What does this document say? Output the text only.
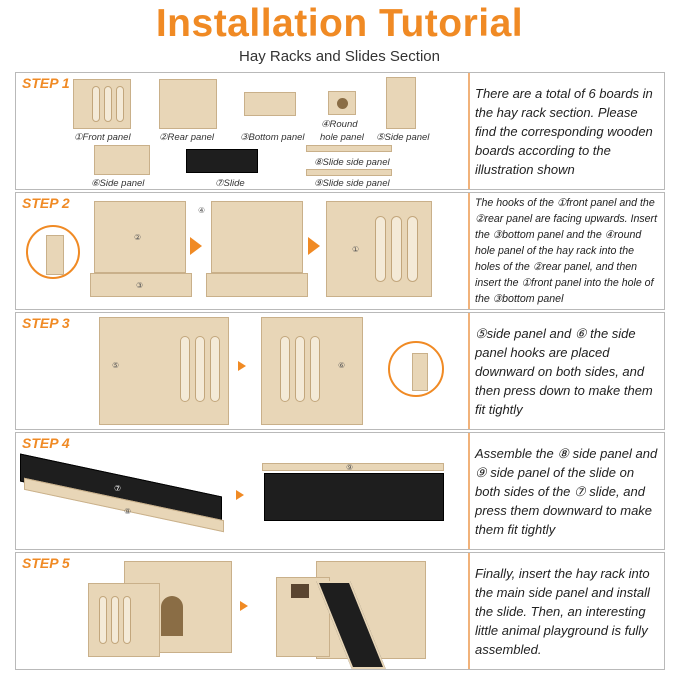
Installation Tutorial
Hay Racks and Slides Section
STEP 1
①Front panel	②Rear panel	③Bottom panel
④Round
hole panel ⑤Side panel
⑥Side panel	⑦Slide
⑧Slide side panel
⑨Slide side panel
There are a total of 6 boards in the hay rack section. Please find the corresponding wooden boards according to the illustration shown
STEP 2
②
③
④
①
The hooks of the ①front panel and the ②rear panel are facing upwards. Insert the ③bottom panel and the ④round hole panel of the hay rack into the holes of the ②rear panel, and then insert the ①front panel into the hole of the ③bottom panel
STEP 3
⑤	⑥
⑤side panel and ⑥ the side panel hooks are placed downward on both sides, and then press down to make them fit tightly
STEP 4
⑦
⑧
⑨
Assemble the ⑧ side panel and ⑨ side panel of the slide on both sides of the ⑦ slide, and press them downward to make them fit tightly
STEP 5
Finally, insert the hay rack into the main side panel and install the slide. Then, an interesting little animal playground is fully assembled.
